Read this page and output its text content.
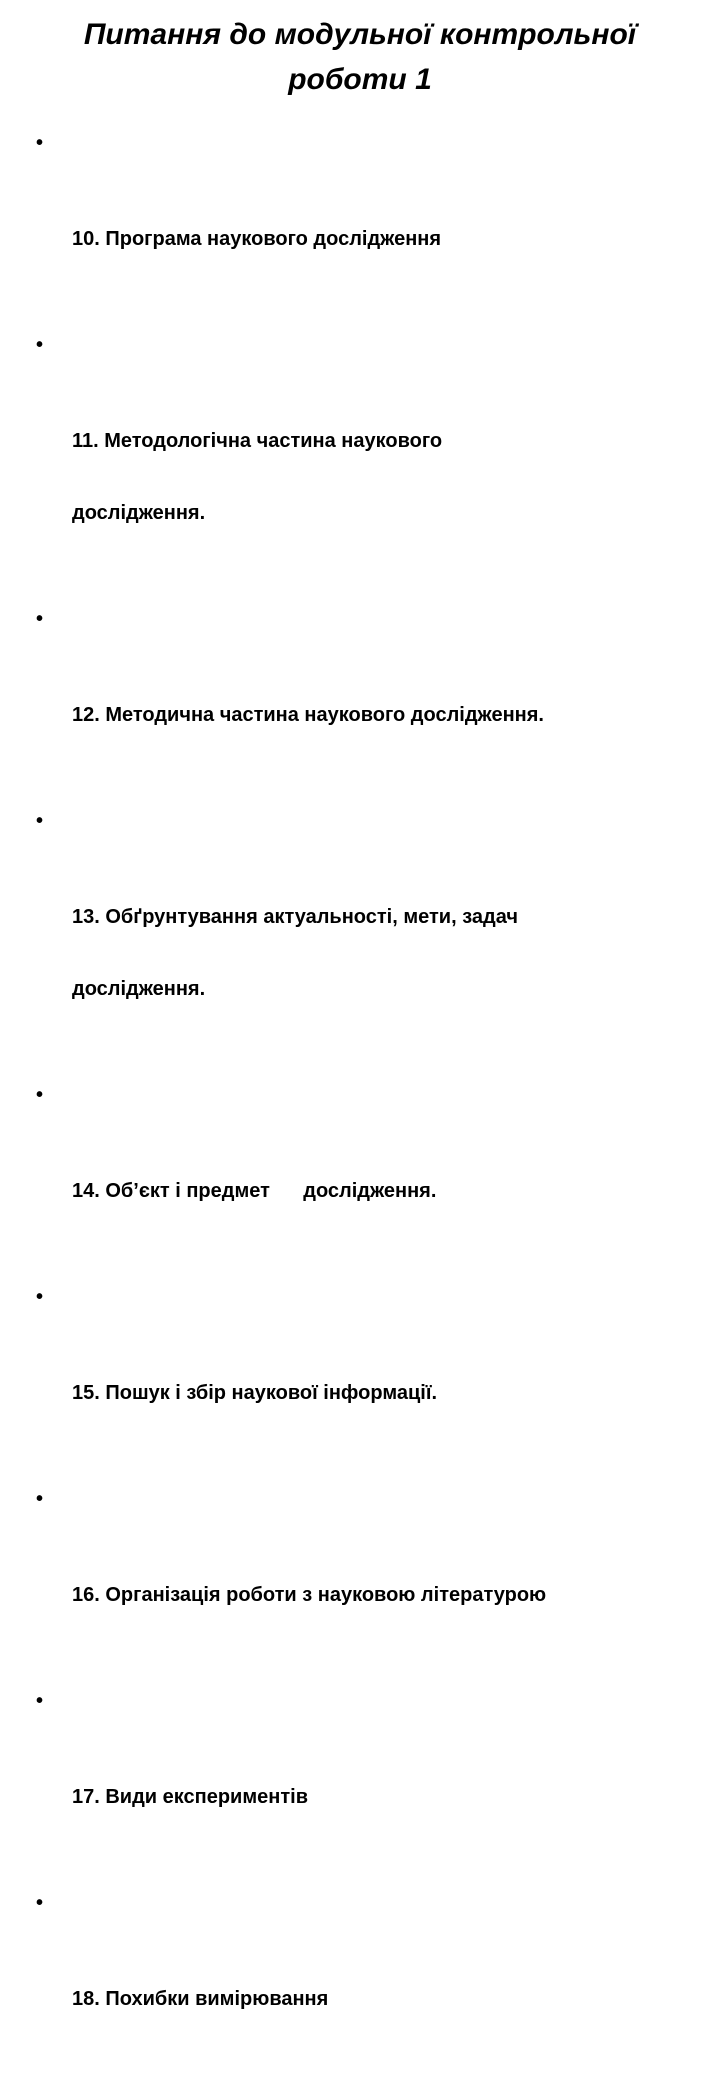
Питання до модульної контрольної
роботи 1

•

10. Програма наукового дослідження

•

11. Методологічна частина наукового

дослідження.

•

12. Методична частина наукового дослідження.

•

13. Обґрунтування актуальності, мети, задач

дослідження.

•

14. Об’єкт і предмет      дослідження.

•

15. Пошук і збір наукової інформації.

•

16. Організація роботи з науковою літературою

•

17. Види експериментів

•

18. Похибки вимірювання
